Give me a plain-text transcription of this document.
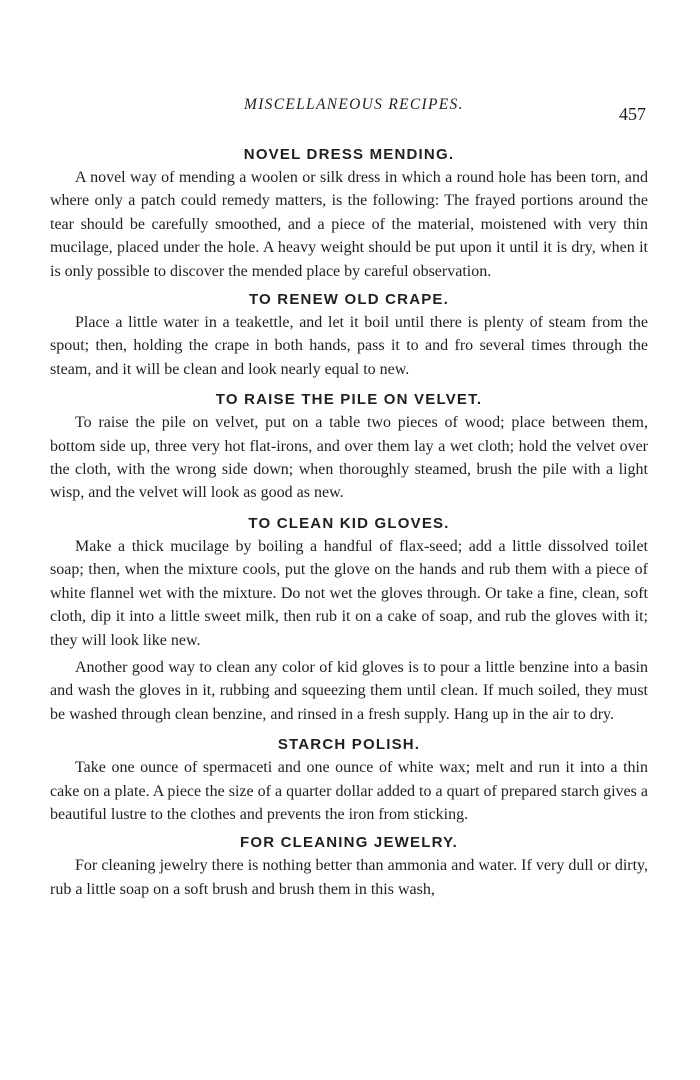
MISCELLANEOUS RECIPES.	457
NOVEL DRESS MENDING.

A novel way of mending a woolen or silk dress in which a round hole has been torn, and where only a patch could remedy matters, is the following: The frayed portions around the tear should be carefully smoothed, and a piece of the material, moistened with very thin mucilage, placed under the hole. A heavy weight should be put upon it until it is dry, when it is only possible to discover the mended place by careful observation.

TO RENEW OLD CRAPE.

Place a little water in a teakettle, and let it boil until there is plenty of steam from the spout; then, holding the crape in both hands, pass it to and fro several times through the steam, and it will be clean and look nearly equal to new.

TO RAISE THE PILE ON VELVET.

To raise the pile on velvet, put on a table two pieces of wood; place between them, bottom side up, three very hot flat-irons, and over them lay a wet cloth; hold the velvet over the cloth, with the wrong side down; when thoroughly steamed, brush the pile with a light wisp, and the velvet will look as good as new.

TO CLEAN KID GLOVES.

Make a thick mucilage by boiling a handful of flax-seed; add a little dissolved toilet soap; then, when the mixture cools, put the glove on the hands and rub them with a piece of white flannel wet with the mixture. Do not wet the gloves through. Or take a fine, clean, soft cloth, dip it into a little sweet milk, then rub it on a cake of soap, and rub the gloves with it; they will look like new.

Another good way to clean any color of kid gloves is to pour a little benzine into a basin and wash the gloves in it, rubbing and squeezing them until clean. If much soiled, they must be washed through clean benzine, and rinsed in a fresh supply. Hang up in the air to dry.

STARCH POLISH.

Take one ounce of spermaceti and one ounce of white wax; melt and run it into a thin cake on a plate. A piece the size of a quarter dollar added to a quart of prepared starch gives a beautiful lustre to the clothes and prevents the iron from sticking.

FOR CLEANING JEWELRY.

For cleaning jewelry there is nothing better than ammonia and water. If very dull or dirty, rub a little soap on a soft brush and brush them in this wash,
